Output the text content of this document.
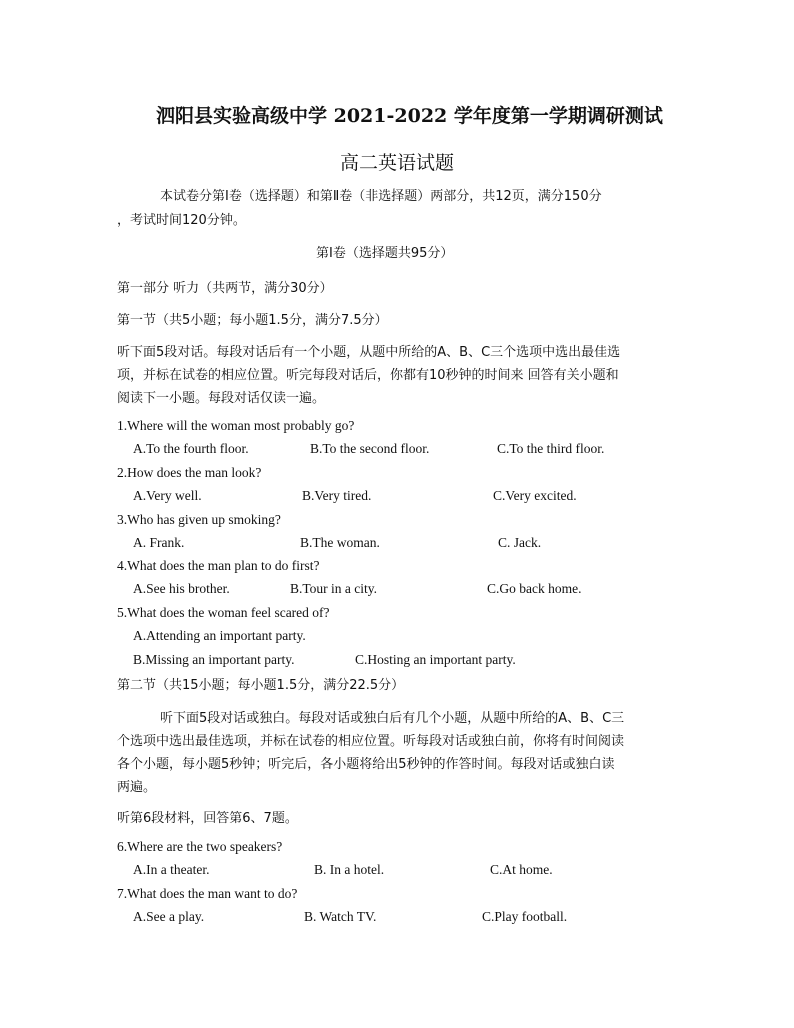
泗阳县实验高级中学 2021-2022 学年度第一学期调研测试
高二英语试题
本试卷分第Ⅰ卷（选择题）和第Ⅱ卷（非选择题）两部分，共12页，满分150分
，考试时间120分钟。
第Ⅰ卷（选择题共95分）
第一部分 听力（共两节，满分30分）
第一节（共5小题；每小题1.5分，满分7.5分）
听下面5段对话。每段对话后有一个小题，从题中所给的A、B、C三个选项中选出最佳选
项，并标在试卷的相应位置。听完每段对话后，你都有10秒钟的时间来 回答有关小题和
阅读下一小题。每段对话仅读一遍。
1.Where will the woman most probably go?
A.To the fourth floor.	B.To the second floor.	C.To the third floor.
2.How does the man look?
A.Very well.	B.Very tired.	C.Very excited.
3.Who has given up smoking?
A. Frank.	B.The woman.	C. Jack.
4.What does the man plan to do first?
A.See his brother.	B.Tour in a city.	C.Go back home.
5.What does the woman feel scared of?
A.Attending an important party.
B.Missing an important party.	C.Hosting an important party.
第二节（共15小题；每小题1.5分，满分22.5分）
听下面5段对话或独白。每段对话或独白后有几个小题，从题中所给的A、B、C三
个选项中选出最佳选项，并标在试卷的相应位置。听每段对话或独白前，你将有时间阅读
各个小题，每小题5秒钟；听完后，各小题将给出5秒钟的作答时间。每段对话或独白读
两遍。
听第6段材料，回答第6、7题。
6.Where are the two speakers?
A.In a theater.	B. In a hotel.	C.At home.
7.What does the man want to do?
A.See a play.	B. Watch TV.	C.Play football.
